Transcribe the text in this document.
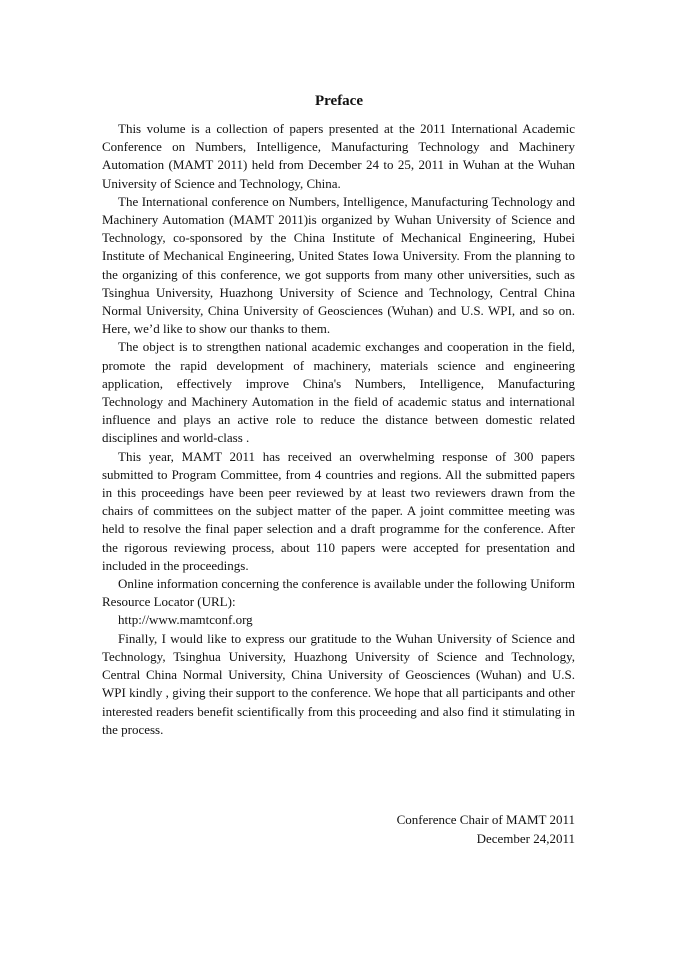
Preface

This volume is a collection of papers presented at the 2011 International Academic Conference on Numbers, Intelligence, Manufacturing Technology and Machinery Automation (MAMT 2011) held from December 24 to 25, 2011 in Wuhan at the Wuhan University of Science and Technology, China.

The International conference on Numbers, Intelligence, Manufacturing Technology and Machinery Automation (MAMT 2011)is organized by Wuhan University of Science and Technology, co-sponsored by the China Institute of Mechanical Engineering, Hubei Institute of Mechanical Engineering, United States Iowa University. From the planning to the organizing of this conference, we got supports from many other universities, such as Tsinghua University, Huazhong University of Science and Technology, Central China Normal University, China University of Geosciences (Wuhan) and U.S. WPI, and so on. Here, we’d like to show our thanks to them.

The object is to strengthen national academic exchanges and cooperation in the field, promote the rapid development of machinery, materials science and engineering application, effectively improve China's Numbers, Intelligence, Manufacturing Technology and Machinery Automation in the field of academic status and international influence and plays an active role to reduce the distance between domestic related disciplines and world-class .

This year, MAMT 2011 has received an overwhelming response of 300 papers submitted to Program Committee, from 4 countries and regions. All the submitted papers in this proceedings have been peer reviewed by at least two reviewers drawn from the chairs of committees on the subject matter of the paper. A joint committee meeting was held to resolve the final paper selection and a draft programme for the conference. After the rigorous reviewing process, about 110 papers were accepted for presentation and included in the proceedings.

Online information concerning the conference is available under the following Uniform Resource Locator (URL):

http://www.mamtconf.org

Finally, I would like to express our gratitude to the Wuhan University of Science and Technology, Tsinghua University, Huazhong University of Science and Technology, Central China Normal University, China University of Geosciences (Wuhan) and U.S. WPI kindly , giving their support to the conference. We hope that all participants and other interested readers benefit scientifically from this proceeding and also find it stimulating in the process.

Conference Chair of MAMT 2011
December 24,2011
